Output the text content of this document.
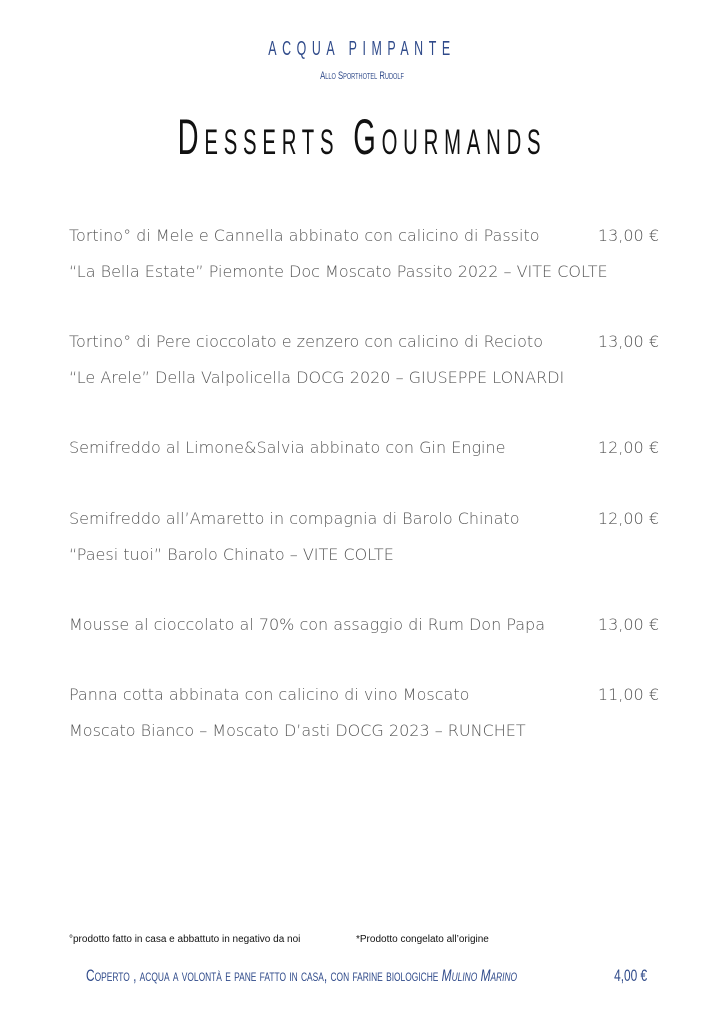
ACQUA PIMPANTE
Allo Sporthotel Rudolf
Desserts Gourmands
Tortino° di Mele e Cannella abbinato con calicino di Passito	13,00 €
“La Bella Estate” Piemonte Doc Moscato Passito 2022 – VITE COLTE
Tortino° di Pere cioccolato e zenzero con calicino di Recioto	13,00 €
“Le Arele” Della Valpolicella DOCG 2020 – GIUSEPPE LONARDI
Semifreddo al Limone&Salvia abbinato con Gin Engine	12,00 €
Semifreddo all’Amaretto in compagnia di Barolo Chinato	12,00 €
“Paesi tuoi” Barolo Chinato – VITE COLTE
Mousse al cioccolato al 70% con assaggio di Rum Don Papa	13,00 €
Panna cotta abbinata con calicino di vino Moscato	11,00 €
Moscato Bianco – Moscato D’asti DOCG 2023 – RUNCHET
°prodotto fatto in casa e abbattuto in negativo da noi	*Prodotto congelato all’origine
Coperto , acqua a volontà e pane fatto in casa, con farine biologiche Mulino Marino	4,00 €
